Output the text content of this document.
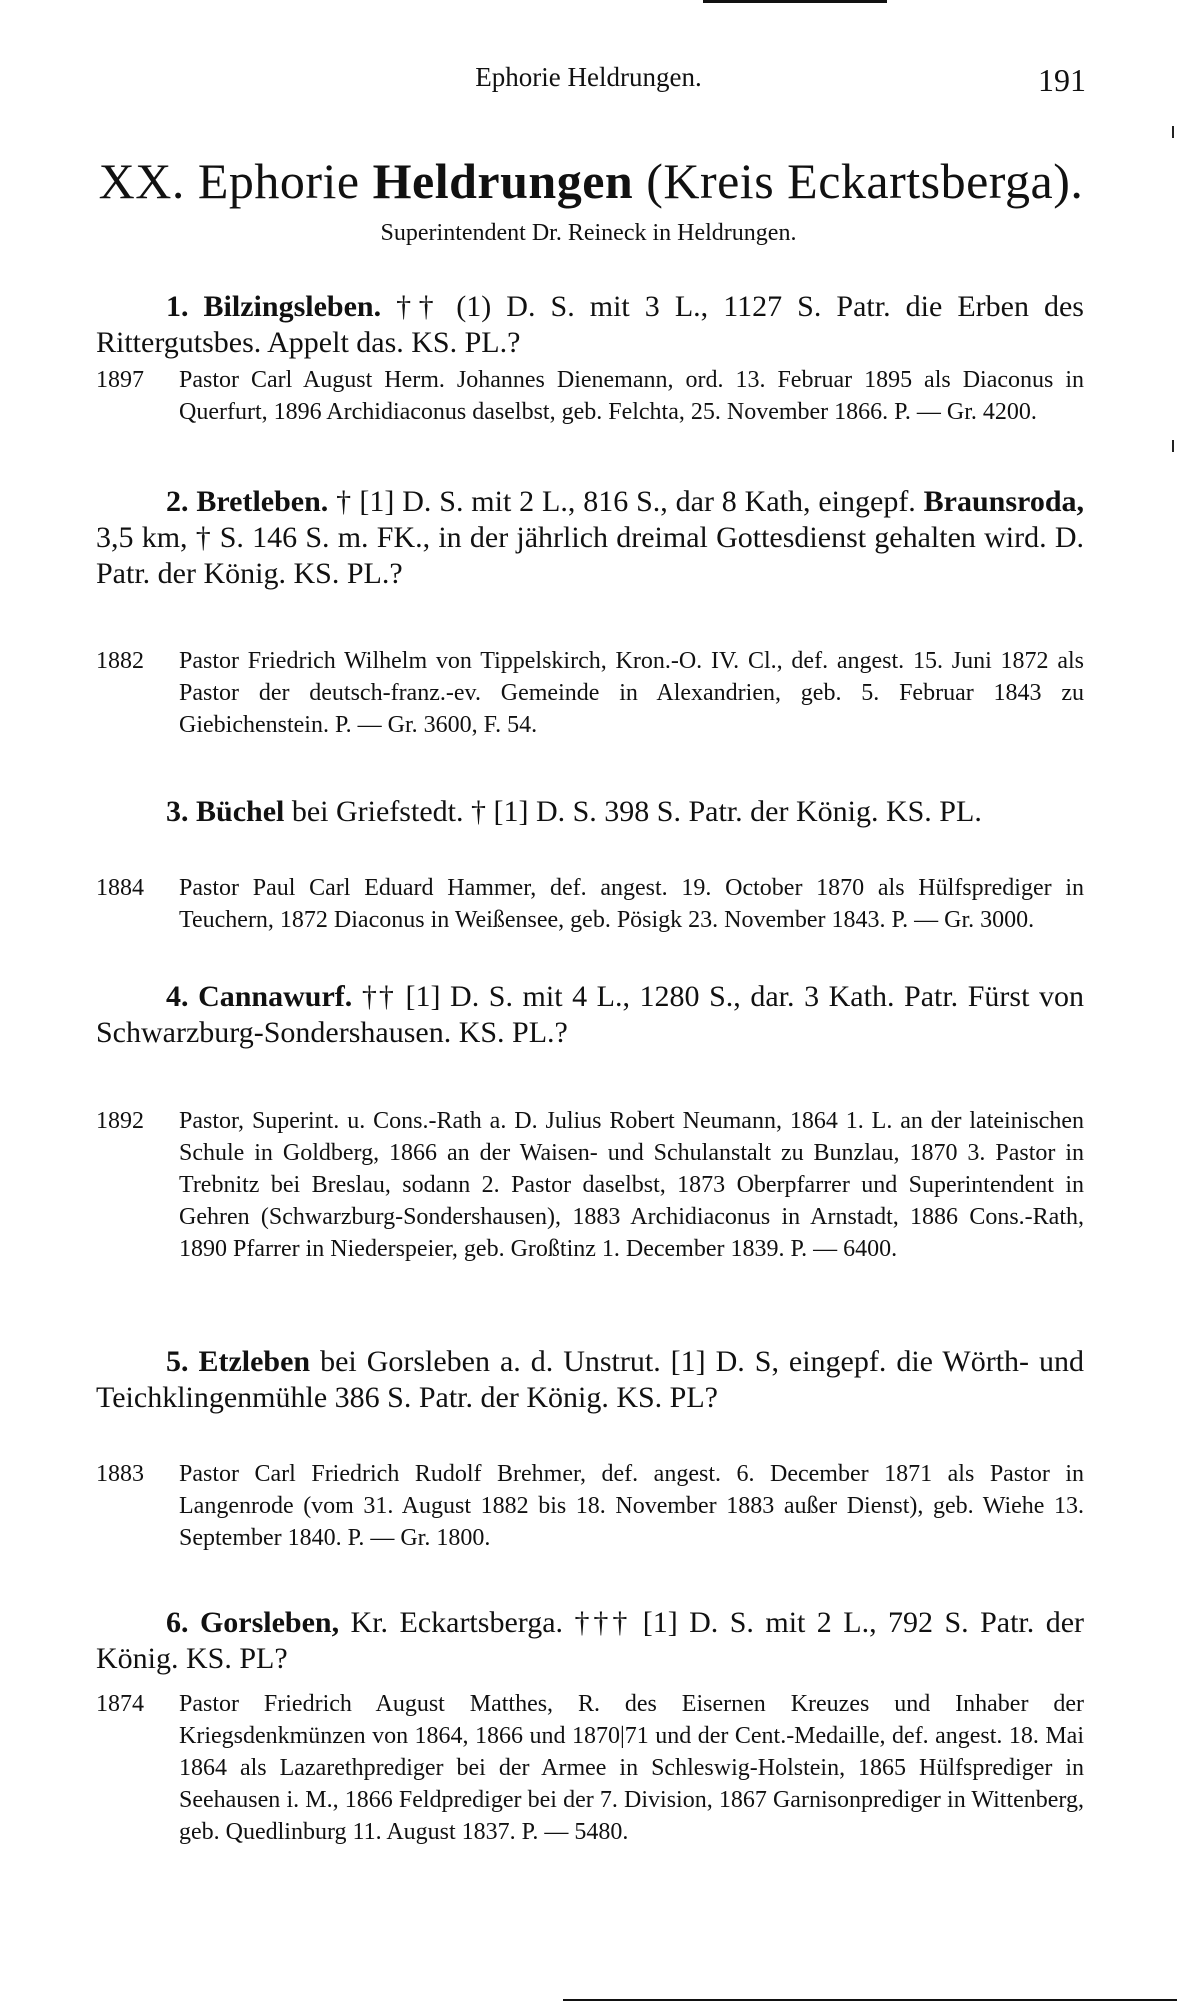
Ephorie Heldrungen.	191
XX. Ephorie Heldrungen (Kreis Eckartsberga).
Superintendent Dr. Reineck in Heldrungen.
1. Bilzingsleben. †† (1) D. S. mit 3 L., 1127 S. Patr. die Erben des Rittergutsbes. Appelt das. KS. PL.?
1897	Pastor Carl August Herm. Johannes Dienemann, ord. 13. Februar 1895 als Diaconus in Querfurt, 1896 Archidiaconus daselbst, geb. Felchta, 25. November 1866. P. — Gr. 4200.
2. Bretleben. † [1] D. S. mit 2 L., 816 S., dar 8 Kath, eingepf. Braunsroda, 3,5 km, † S. 146 S. m. FK., in der jährlich dreimal Gottesdienst gehalten wird. D. Patr. der König. KS. PL.?
1882	Pastor Friedrich Wilhelm von Tippelskirch, Kron.-O. IV. Cl., def. angest. 15. Juni 1872 als Pastor der deutsch-franz.-ev. Gemeinde in Alexandrien, geb. 5. Februar 1843 zu Giebichenstein. P. — Gr. 3600, F. 54.
3. Büchel bei Griefstedt. † [1] D. S. 398 S. Patr. der König. KS. PL.
1884	Pastor Paul Carl Eduard Hammer, def. angest. 19. October 1870 als Hülfsprediger in Teuchern, 1872 Diaconus in Weißensee, geb. Pösigk 23. November 1843. P. — Gr. 3000.
4. Cannawurf. †† [1] D. S. mit 4 L., 1280 S., dar. 3 Kath. Patr. Fürst von Schwarzburg-Sondershausen. KS. PL.?
1892	Pastor, Superint. u. Cons.-Rath a. D. Julius Robert Neumann, 1864 1. L. an der lateinischen Schule in Goldberg, 1866 an der Waisen- und Schulanstalt zu Bunzlau, 1870 3. Pastor in Trebnitz bei Breslau, sodann 2. Pastor daselbst, 1873 Oberpfarrer und Superintendent in Gehren (Schwarzburg-Sondershausen), 1883 Archidiaconus in Arnstadt, 1886 Cons.-Rath, 1890 Pfarrer in Niederspeier, geb. Großtinz 1. December 1839. P. — 6400.
5. Etzleben bei Gorsleben a. d. Unstrut. [1] D. S, eingepf. die Wörth- und Teichklingenmühle 386 S. Patr. der König. KS. PL?
1883	Pastor Carl Friedrich Rudolf Brehmer, def. angest. 6. December 1871 als Pastor in Langenrode (vom 31. August 1882 bis 18. November 1883 außer Dienst), geb. Wiehe 13. September 1840. P. — Gr. 1800.
6. Gorsleben, Kr. Eckartsberga. ††† [1] D. S. mit 2 L., 792 S. Patr. der König. KS. PL?
1874	Pastor Friedrich August Matthes, R. des Eisernen Kreuzes und Inhaber der Kriegsdenkmünzen von 1864, 1866 und 1870|71 und der Cent.-Medaille, def. angest. 18. Mai 1864 als Lazarethprediger bei der Armee in Schleswig-Holstein, 1865 Hülfsprediger in Seehausen i. M., 1866 Feldprediger bei der 7. Division, 1867 Garnisonprediger in Wittenberg, geb. Quedlinburg 11. August 1837. P. — 5480.
